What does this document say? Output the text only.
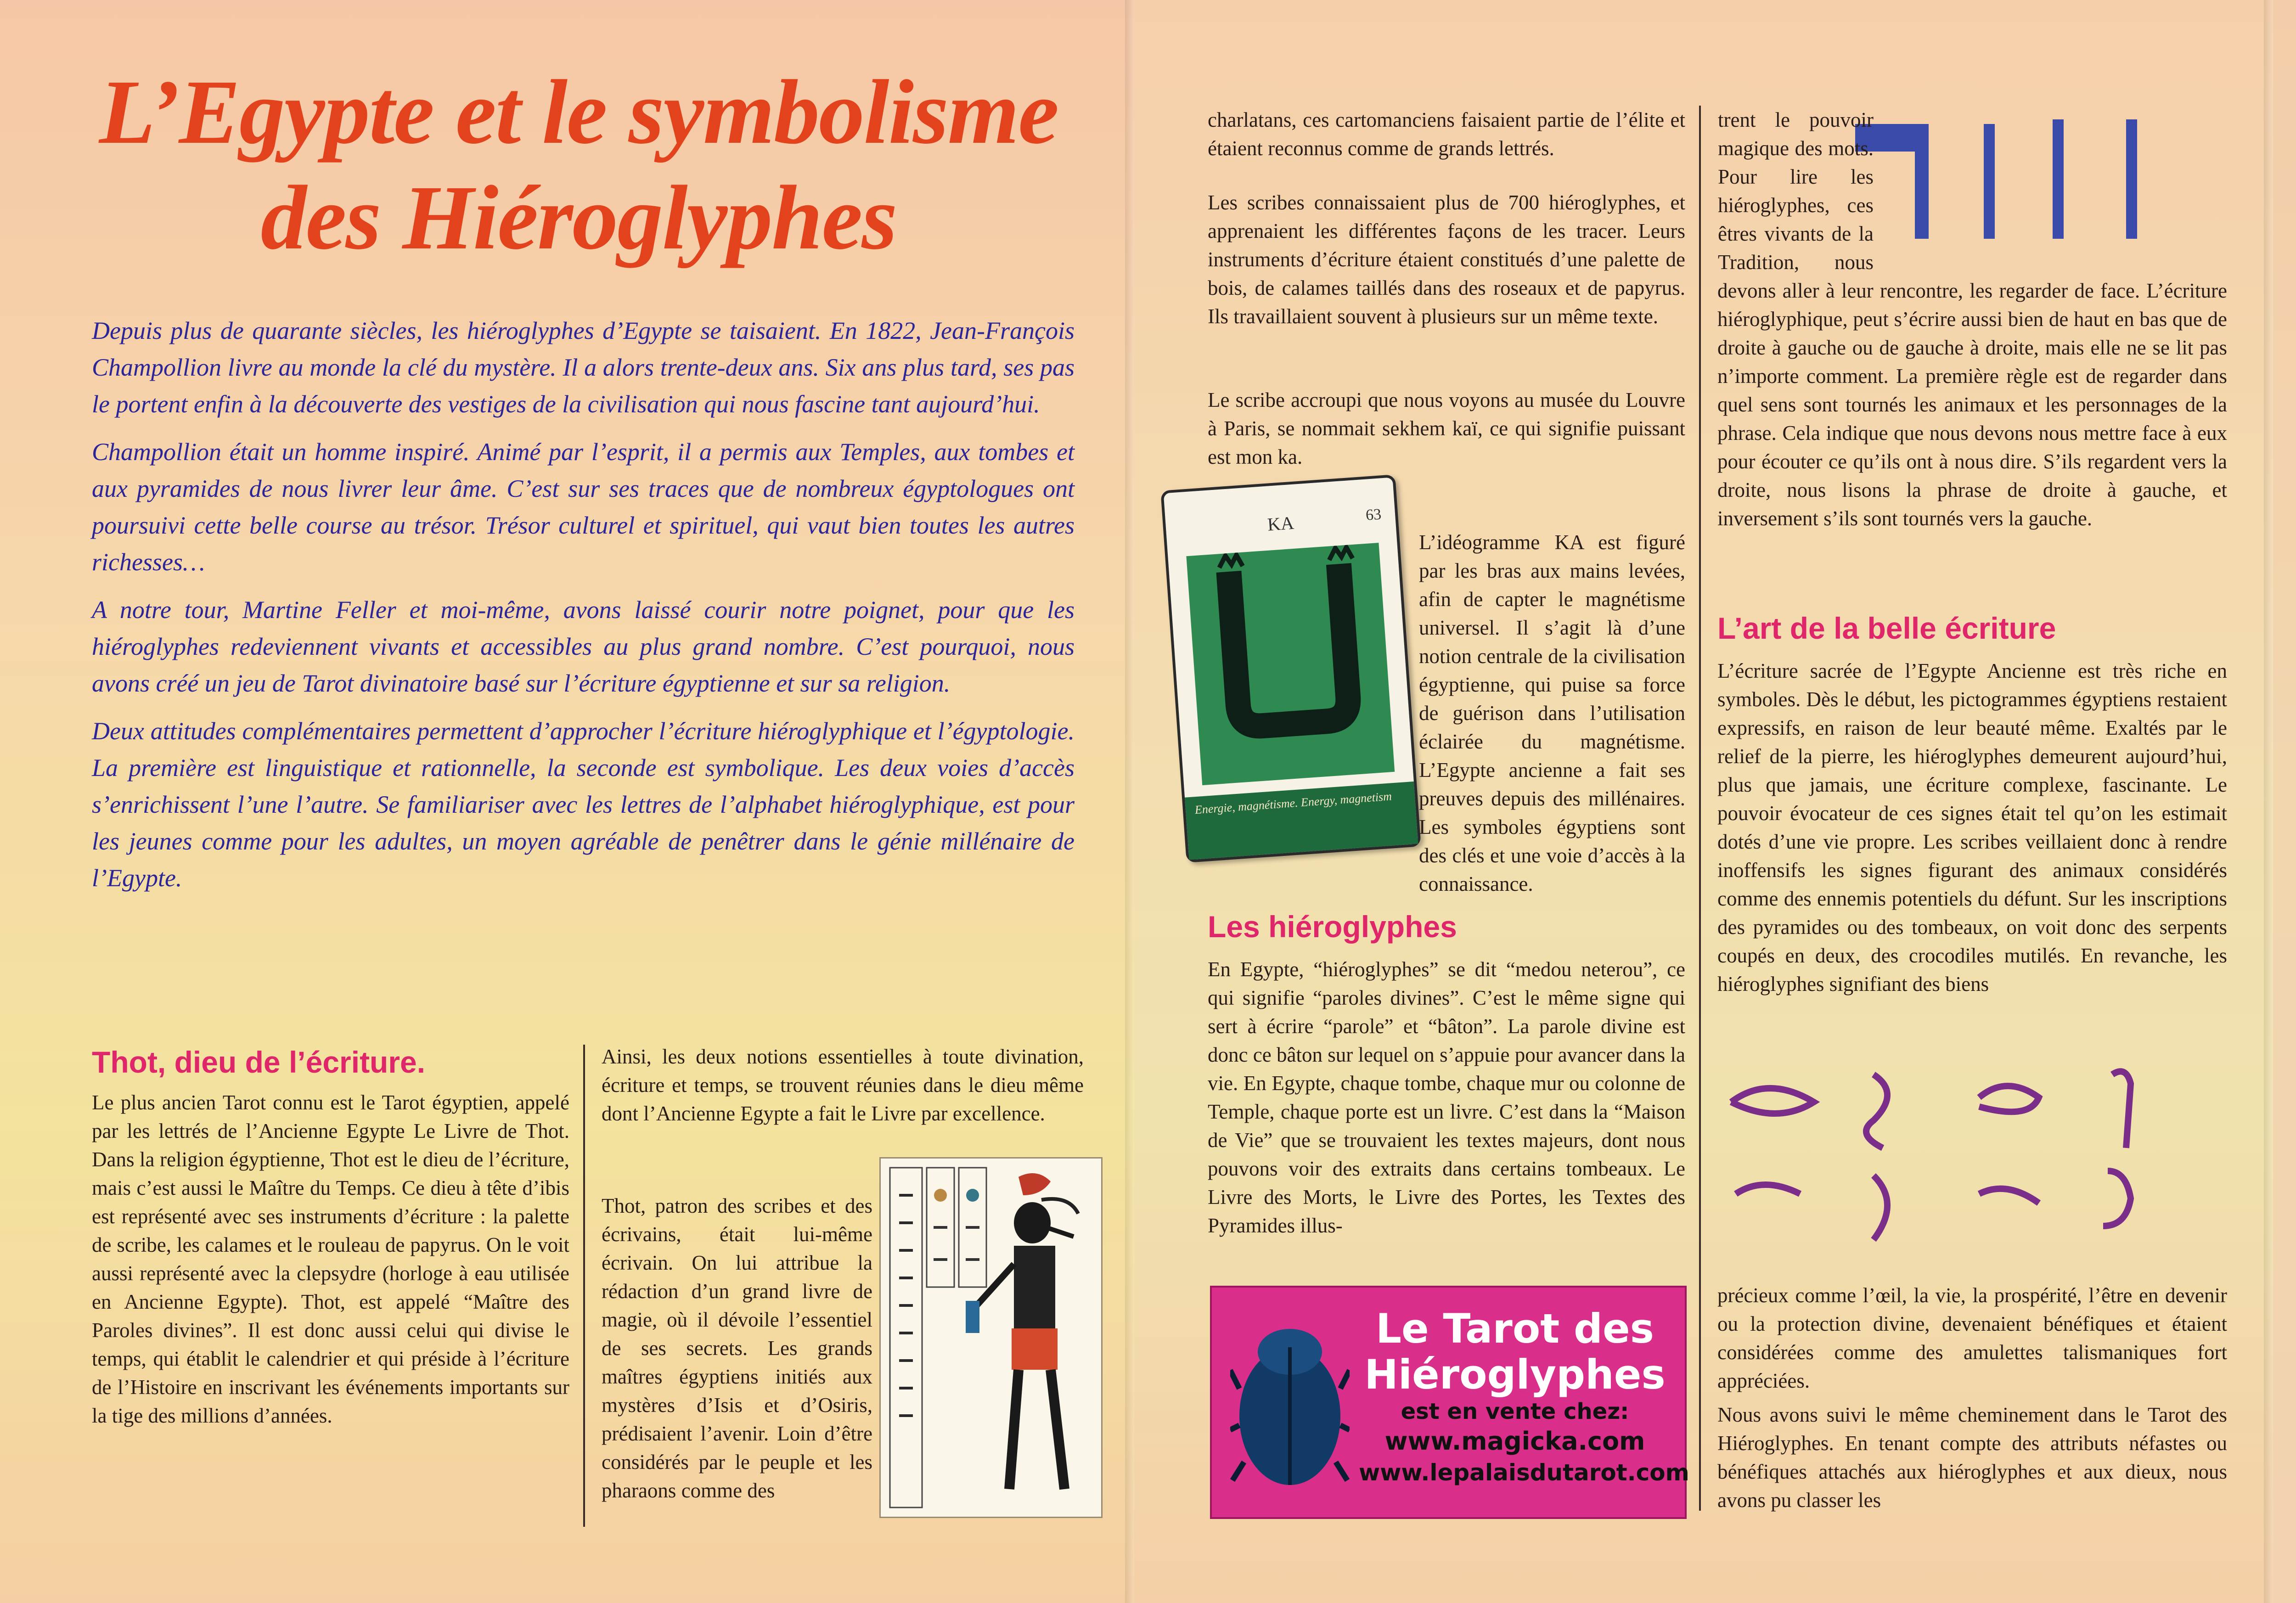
L’Egypte et le symbolisme
des Hiéroglyphes

Depuis plus de quarante siècles, les hiéroglyphes d’Egypte se taisaient. En 1822, Jean-François Champollion livre au monde la clé du mystère. Il a alors trente-deux ans. Six ans plus tard, ses pas le portent enfin à la découverte des vestiges de la civilisation qui nous fascine tant aujourd’hui.

Champollion était un homme inspiré. Animé par l’esprit, il a permis aux Temples, aux tombes et aux pyramides de nous livrer leur âme. C’est sur ses traces que de nombreux égyptologues ont poursuivi cette belle course au trésor. Trésor culturel et spirituel, qui vaut bien toutes les autres richesses…

A notre tour, Martine Feller et moi-même, avons laissé courir notre poignet, pour que les hiéroglyphes redeviennent vivants et accessibles au plus grand nombre. C’est pourquoi, nous avons créé un jeu de Tarot divinatoire basé sur l’écriture égyptienne et sur sa religion.

Deux attitudes complémentaires permettent d’approcher l’écriture hiéroglyphique et l’égyptologie. La première est linguistique et rationnelle, la seconde est symbolique. Les deux voies d’accès s’enrichissent l’une l’autre. Se familiariser avec les lettres de l’alphabet hiéroglyphique, est pour les jeunes comme pour les adultes, un moyen agréable de penêtrer dans le génie millénaire de l’Egypte.

Thot, dieu de l’écriture.
Le plus ancien Tarot connu est le Tarot égyptien, appelé par les lettrés de l’Ancienne Egypte Le Livre de Thot. Dans la religion égyptienne, Thot est le dieu de l’écriture, mais c’est aussi le Maître du Temps. Ce dieu à tête d’ibis est représenté avec ses instruments d’écriture : la palette de scribe, les calames et le rouleau de papyrus. On le voit aussi représenté avec la clepsydre (horloge à eau utilisée en Ancienne Egypte). Thot, est appelé “Maître des Paroles divines”. Il est donc aussi celui qui divise le temps, qui établit le calendrier et qui préside à l’écriture de l’Histoire en inscrivant les événements importants sur la tige des millions d’années.
Ainsi, les deux notions essentielles à toute divination, écriture et temps, se trouvent réunies dans le dieu même dont l’Ancienne Egypte a fait le Livre par excellence.
Thot, patron des scribes et des écrivains, était lui-même écrivain. On lui attribue la rédaction d’un grand livre de magie, où il dévoile l’essentiel de ses secrets. Les grands maîtres égyptiens initiés aux mystères d’Isis et d’Osiris, prédisaient l’avenir. Loin d’être considérés par le peuple et les pharaons comme des
charlatans, ces cartomanciens faisaient partie de l’élite et étaient reconnus comme de grands lettrés.
Les scribes connaissaient plus de 700 hiéroglyphes, et apprenaient les différentes façons de les tracer. Leurs instruments d’écriture étaient constitués d’une palette de bois, de calames taillés dans des roseaux et de papyrus. Ils travaillaient souvent à plusieurs sur un même texte.
Le scribe accroupi que nous voyons au musée du Louvre à Paris, se nommait sekhem kaï, ce qui signifie puissant est mon ka.
KA	63
Energie, magnétisme. Energy, magnetism
L’idéogramme KA est figuré par les bras aux mains levées, afin de capter le magnétisme universel. Il s’agit là d’une notion centrale de la civilisation égyptienne, qui puise sa force de guérison dans l’utilisation éclairée du magnétisme. L’Egypte ancienne a fait ses preuves depuis des millénaires. Les symboles égyptiens sont des clés et une voie d’accès à la connaissance.
Les hiéroglyphes
En Egypte, “hiéroglyphes” se dit “medou neterou”, ce qui signifie “paroles divines”. C’est le même signe qui sert à écrire “parole” et “bâton”. La parole divine est donc ce bâton sur lequel on s’appuie pour avancer dans la vie. En Egypte, chaque tombe, chaque mur ou colonne de Temple, chaque porte est un livre. C’est dans la “Maison de Vie” que se trouvaient les textes majeurs, dont nous pouvons voir des extraits dans certains tombeaux. Le Livre des Morts, le Livre des Portes, les Textes des Pyramides illus-
Le Tarot des
Hiéroglyphes
est en vente chez:
www.magicka.com
www.lepalaisdutarot.com
trent le pouvoir magique des mots. Pour lire les hiéroglyphes, ces êtres vivants de la Tradition, nous devons aller à leur rencontre, les regarder de face. L’écriture hiéroglyphique, peut s’écrire aussi bien de haut en bas que de droite à gauche ou de gauche à droite, mais elle ne se lit pas n’importe comment. La première règle est de regarder dans quel sens sont tournés les animaux et les personnages de la phrase. Cela indique que nous devons nous mettre face à eux pour écouter ce qu’ils ont à nous dire. S’ils regardent vers la droite, nous lisons la phrase de droite à gauche, et inversement s’ils sont tournés vers la gauche.
L’art de la belle écriture
L’écriture sacrée de l’Egypte Ancienne est très riche en symboles. Dès le début, les pictogrammes égyptiens restaient expressifs, en raison de leur beauté même. Exaltés par le relief de la pierre, les hiéroglyphes demeurent aujourd’hui, plus que jamais, une écriture complexe, fascinante. Le pouvoir évocateur de ces signes était tel qu’on les estimait dotés d’une vie propre. Les scribes veillaient donc à rendre inoffensifs les signes figurant des animaux considérés comme des ennemis potentiels du défunt. Sur les inscriptions des pyramides ou des tombeaux, on voit donc des serpents coupés en deux, des crocodiles mutilés. En revanche, les hiéroglyphes signifiant des biens
précieux comme l’œil, la vie, la prospérité, l’être en devenir ou la protection divine, devenaient bénéfiques et étaient considérées comme des amulettes talismaniques fort appréciées.
Nous avons suivi le même cheminement dans le Tarot des Hiéroglyphes. En tenant compte des attributs néfastes ou bénéfiques attachés aux hiéroglyphes et aux dieux, nous avons pu classer les
